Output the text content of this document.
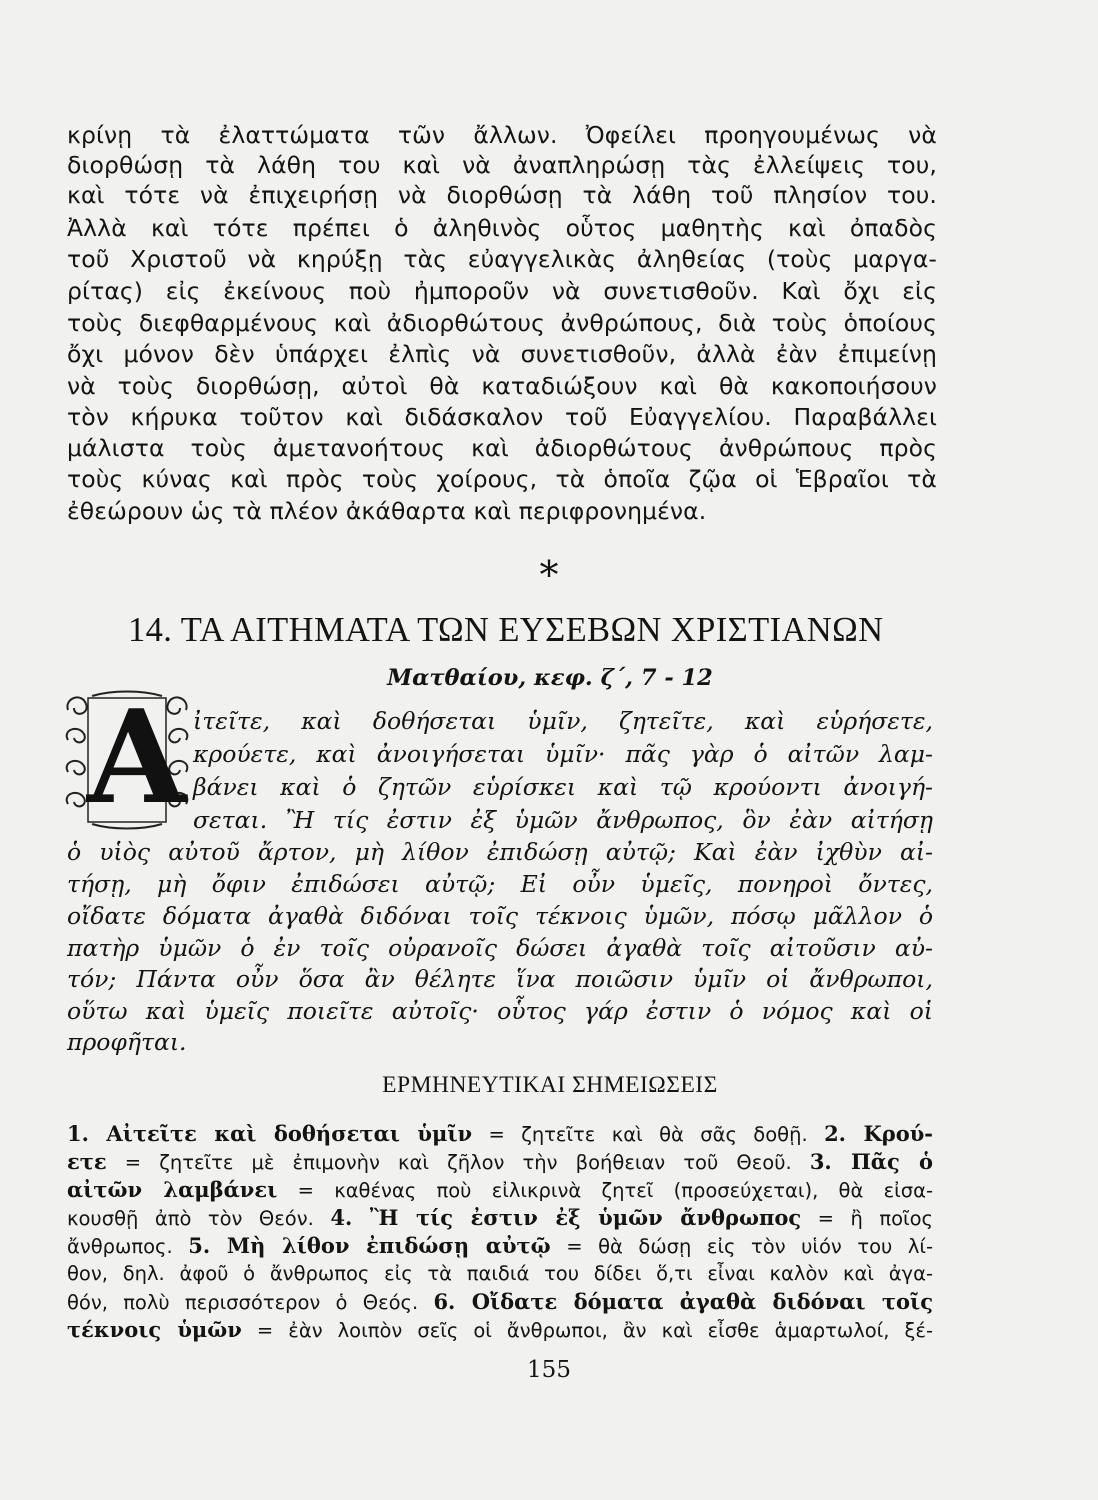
κρίνῃ τὰ ἐλαττώματα τῶν ἄλλων. Ὀφείλει προηγουμένως νὰ
διορθώσῃ τὰ λάθη του καὶ νὰ ἀναπληρώσῃ τὰς ἐλλείψεις του,
καὶ τότε νὰ ἐπιχειρήσῃ νὰ διορθώσῃ τὰ λάθη τοῦ πλησίον του.
Ἀλλὰ καὶ τότε πρέπει ὁ ἀληθινὸς οὗτος μαθητὴς καὶ ὀπαδὸς
τοῦ Χριστοῦ νὰ κηρύξῃ τὰς εὐαγγελικὰς ἀληθείας (τοὺς μαργα-
ρίτας) εἰς ἐκείνους ποὺ ἠμποροῦν νὰ συνετισθοῦν. Καὶ ὄχι εἰς
τοὺς διεφθαρμένους καὶ ἀδιορθώτους ἀνθρώπους, διὰ τοὺς ὁποίους
ὄχι μόνον δὲν ὑπάρχει ἐλπὶς νὰ συνετισθοῦν, ἀλλὰ ἐὰν ἐπιμείνῃ
νὰ τοὺς διορθώσῃ, αὐτοὶ θὰ καταδιώξουν καὶ θὰ κακοποιήσουν
τὸν κήρυκα τοῦτον καὶ διδάσκαλον τοῦ Εὐαγγελίου. Παραβάλλει
μάλιστα τοὺς ἀμετανοήτους καὶ ἀδιορθώτους ἀνθρώπους πρὸς
τοὺς κύνας καὶ πρὸς τοὺς χοίρους, τὰ ὁποῖα ζῷα οἱ Ἑβραῖοι τὰ
ἐθεώρουν ὡς τὰ πλέον ἀκάθαρτα καὶ περιφρονημένα.
*
14. ΤΑ ΑΙΤΗΜΑΤΑ ΤΩΝ ΕΥΣΕΒΩΝ ΧΡΙΣΤΙΑΝΩΝ
Ματθαίου, κεφ. ζ΄, 7 - 12
Α ἰτεῖτε, καὶ δοθήσεται ὑμῖν, ζητεῖτε, καὶ εὑρήσετε,
κρούετε, καὶ ἀνοιγήσεται ὑμῖν· πᾶς γὰρ ὁ αἰτῶν λαμ-
βάνει καὶ ὁ ζητῶν εὑρίσκει καὶ τῷ κρούοντι ἀνοιγή-
σεται. Ἢ τίς ἐστιν ἐξ ὑμῶν ἄνθρωπος, ὃν ἐὰν αἰτήσῃ
ὁ υἱὸς αὐτοῦ ἄρτον, μὴ λίθον ἐπιδώσῃ αὐτῷ; Καὶ ἐὰν ἰχθὺν αἰ-
τήσῃ, μὴ ὄφιν ἐπιδώσει αὐτῷ; Εἰ οὖν ὑμεῖς, πονηροὶ ὄντες,
οἴδατε δόματα ἀγαθὰ διδόναι τοῖς τέκνοις ὑμῶν, πόσῳ μᾶλλον ὁ
πατὴρ ὑμῶν ὁ ἐν τοῖς οὐρανοῖς δώσει ἀγαθὰ τοῖς αἰτοῦσιν αὐ-
τόν; Πάντα οὖν ὅσα ἂν θέλητε ἵνα ποιῶσιν ὑμῖν οἱ ἄνθρωποι,
οὕτω καὶ ὑμεῖς ποιεῖτε αὐτοῖς· οὗτος γάρ ἐστιν ὁ νόμος καὶ οἱ
προφῆται.
ΕΡΜΗΝΕΥΤΙΚΑΙ ΣΗΜΕΙΩΣΕΙΣ
1. Αἰτεῖτε καὶ δοθήσεται ὑμῖν = ζητεῖτε καὶ θὰ σᾶς δοθῇ. 2. Κρού-
ετε = ζητεῖτε μὲ ἐπιμονὴν καὶ ζῆλον τὴν βοήθειαν τοῦ Θεοῦ. 3. Πᾶς ὁ
αἰτῶν λαμβάνει = καθένας ποὺ εἰλικρινὰ ζητεῖ (προσεύχεται), θὰ εἰσα-
κουσθῇ ἀπὸ τὸν Θεόν. 4. Ἢ τίς ἐστιν ἐξ ὑμῶν ἄνθρωπος = ἢ ποῖος
ἄνθρωπος. 5. Μὴ λίθον ἐπιδώσῃ αὐτῷ = θὰ δώσῃ εἰς τὸν υἱόν του λί-
θον, δηλ. ἀφοῦ ὁ ἄνθρωπος εἰς τὰ παιδιά του δίδει ὅ,τι εἶναι καλὸν καὶ ἀγα-
θόν, πολὺ περισσότερον ὁ Θεός. 6. Οἴδατε δόματα ἀγαθὰ διδόναι τοῖς
τέκνοις ὑμῶν = ἐὰν λοιπὸν σεῖς οἱ ἄνθρωποι, ἂν καὶ εἶσθε ἁμαρτωλοί, ξέ-
155
